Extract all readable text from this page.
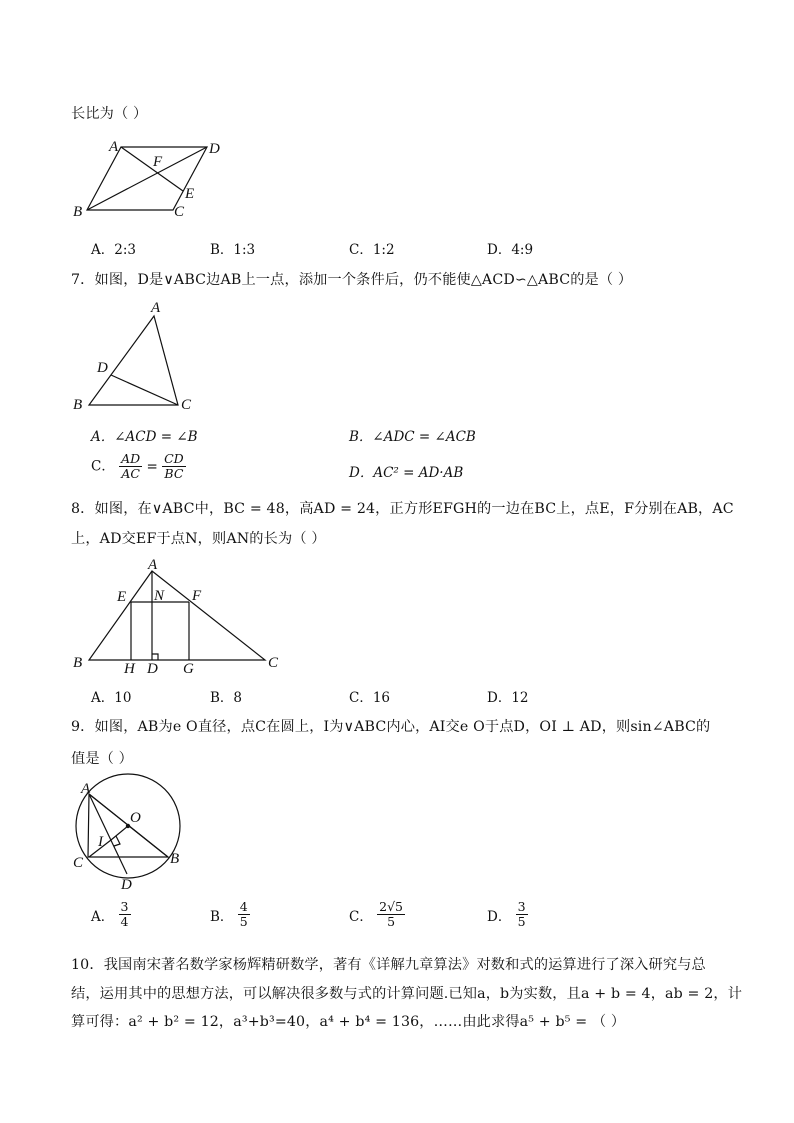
长比为（ ）
A	D
F
E
B	C
A．2:3	B．1:3	C．1:2	D．4:9
7．如图，D是∨ABC边AB上一点，添加一个条件后，仍不能使△ACD∽△ABC的是（ ）
A
D
B	C
A．∠ACD = ∠B	B．∠ADC = ∠ACB
C． $\frac{AD}{AC} = \frac{CD}{BC}$	D．AC² = AD·AB
8．如图，在∨ABC中，BC = 48，高AD = 24，正方形EFGH的一边在BC上，点E，F分别在AB，AC
上，AD交EF于点N，则AN的长为（ ）
A
E N F
B	H D G	C
A．10	B．8	C．16	D．12
9．如图，AB为e O直径，点C在圆上，I为∨ABC内心，AI交e O于点D，OI ⊥ AD，则sin∠ABC的
值是（ ）
A
O
I
C	B
D
A． $\frac{3}{4}$	B． $\frac{4}{5}$	C． $\frac{2√5}{5}$	D． $\frac{3}{5}$
10．我国南宋著名数学家杨辉精研数学，著有《详解九章算法》对数和式的运算进行了深入研究与总
结，运用其中的思想方法，可以解决很多数与式的计算问题.已知a，b为实数，且a + b = 4，ab = 2，计
算可得：a² + b² = 12，a³+b³=40，a⁴ + b⁴ = 136，……由此求得a⁵ + b⁵ = （ ）
